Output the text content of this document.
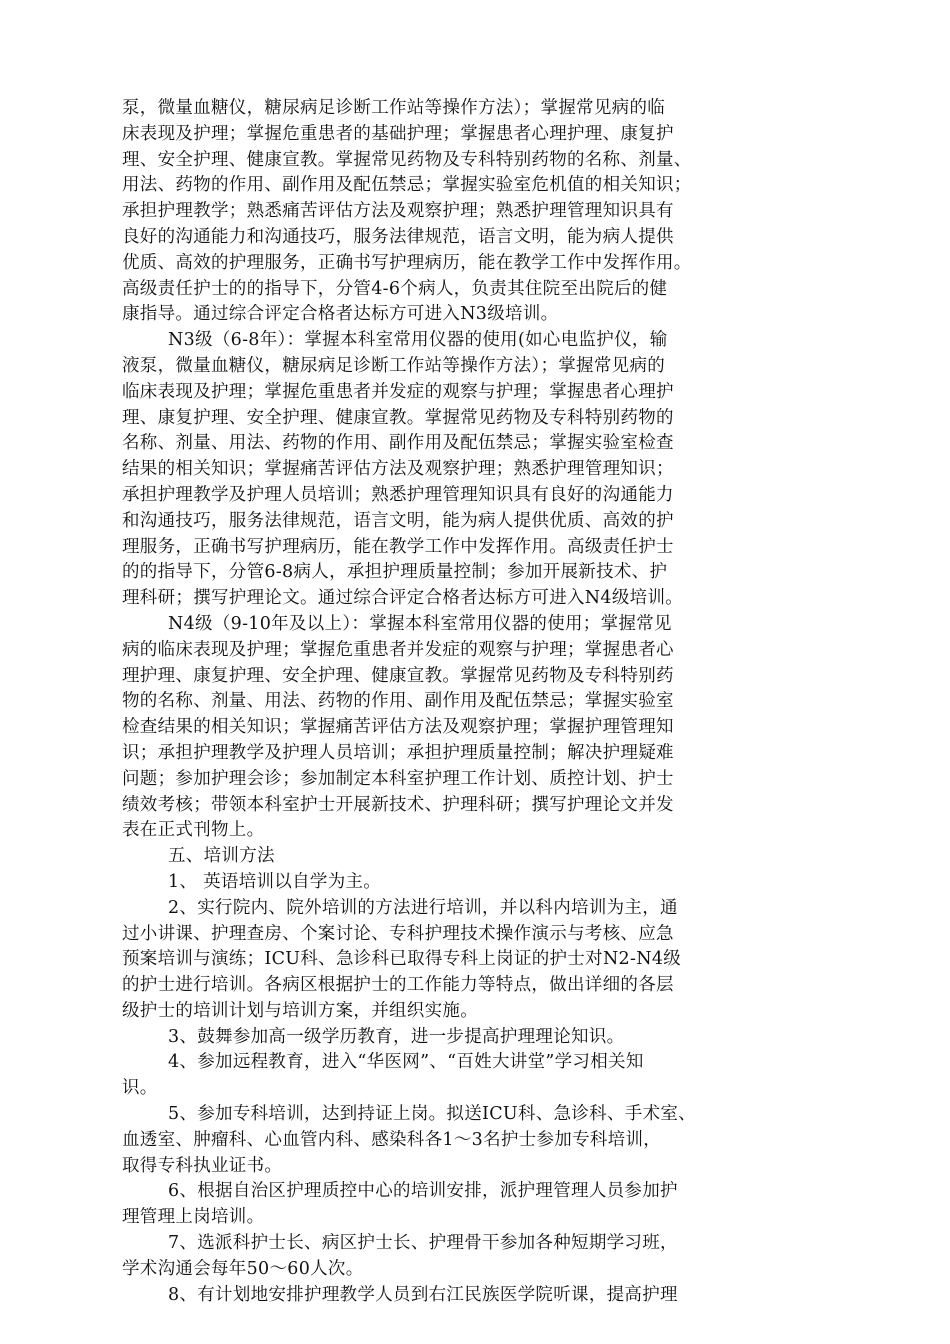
泵，微量血糖仪，糖尿病足诊断工作站等操作方法）；掌握常见病的临
床表现及护理；掌握危重患者的基础护理；掌握患者心理护理、康复护
理、安全护理、健康宣教。掌握常见药物及专科特别药物的名称、剂量、
用法、药物的作用、副作用及配伍禁忌；掌握实验室危机值的相关知识；
承担护理教学；熟悉痛苦评估方法及观察护理；熟悉护理管理知识具有
良好的沟通能力和沟通技巧，服务法律规范，语言文明，能为病人提供
优质、高效的护理服务，正确书写护理病历，能在教学工作中发挥作用。
高级责任护士的的指导下，分管4-6个病人，负责其住院至出院后的健
康指导。通过综合评定合格者达标方可进入N3级培训。
N3级（6-8年）：掌握本科室常用仪器的使用(如心电监护仪，输
液泵，微量血糖仪，糖尿病足诊断工作站等操作方法）；掌握常见病的
临床表现及护理；掌握危重患者并发症的观察与护理；掌握患者心理护
理、康复护理、安全护理、健康宣教。掌握常见药物及专科特别药物的
名称、剂量、用法、药物的作用、副作用及配伍禁忌；掌握实验室检查
结果的相关知识；掌握痛苦评估方法及观察护理；熟悉护理管理知识；
承担护理教学及护理人员培训；熟悉护理管理知识具有良好的沟通能力
和沟通技巧，服务法律规范，语言文明，能为病人提供优质、高效的护
理服务，正确书写护理病历，能在教学工作中发挥作用。高级责任护士
的的指导下，分管6-8病人，承担护理质量控制；参加开展新技术、护
理科研；撰写护理论文。通过综合评定合格者达标方可进入N4级培训。
N4级（9-10年及以上）：掌握本科室常用仪器的使用；掌握常见
病的临床表现及护理；掌握危重患者并发症的观察与护理；掌握患者心
理护理、康复护理、安全护理、健康宣教。掌握常见药物及专科特别药
物的名称、剂量、用法、药物的作用、副作用及配伍禁忌；掌握实验室
检查结果的相关知识；掌握痛苦评估方法及观察护理；掌握护理管理知
识；承担护理教学及护理人员培训；承担护理质量控制；解决护理疑难
问题；参加护理会诊；参加制定本科室护理工作计划、质控计划、护士
绩效考核；带领本科室护士开展新技术、护理科研；撰写护理论文并发
表在正式刊物上。
五、培训方法
1、 英语培训以自学为主。
2、实行院内、院外培训的方法进行培训，并以科内培训为主，通
过小讲课、护理查房、个案讨论、专科护理技术操作演示与考核、应急
预案培训与演练；ICU科、急诊科已取得专科上岗证的护士对N2-N4级
的护士进行培训。各病区根据护士的工作能力等特点，做出详细的各层
级护士的培训计划与培训方案，并组织实施。
3、鼓舞参加高一级学历教育，进一步提高护理理论知识。
4、参加远程教育，进入“华医网”、“百姓大讲堂”学习相关知
识。
5、参加专科培训，达到持证上岗。拟送ICU科、急诊科、手术室、
血透室、肿瘤科、心血管内科、感染科各1～3名护士参加专科培训，
取得专科执业证书。
6、根据自治区护理质控中心的培训安排，派护理管理人员参加护
理管理上岗培训。
7、选派科护士长、病区护士长、护理骨干参加各种短期学习班，
学术沟通会每年50～60人次。
8、有计划地安排护理教学人员到右江民族医学院听课，提高护理
